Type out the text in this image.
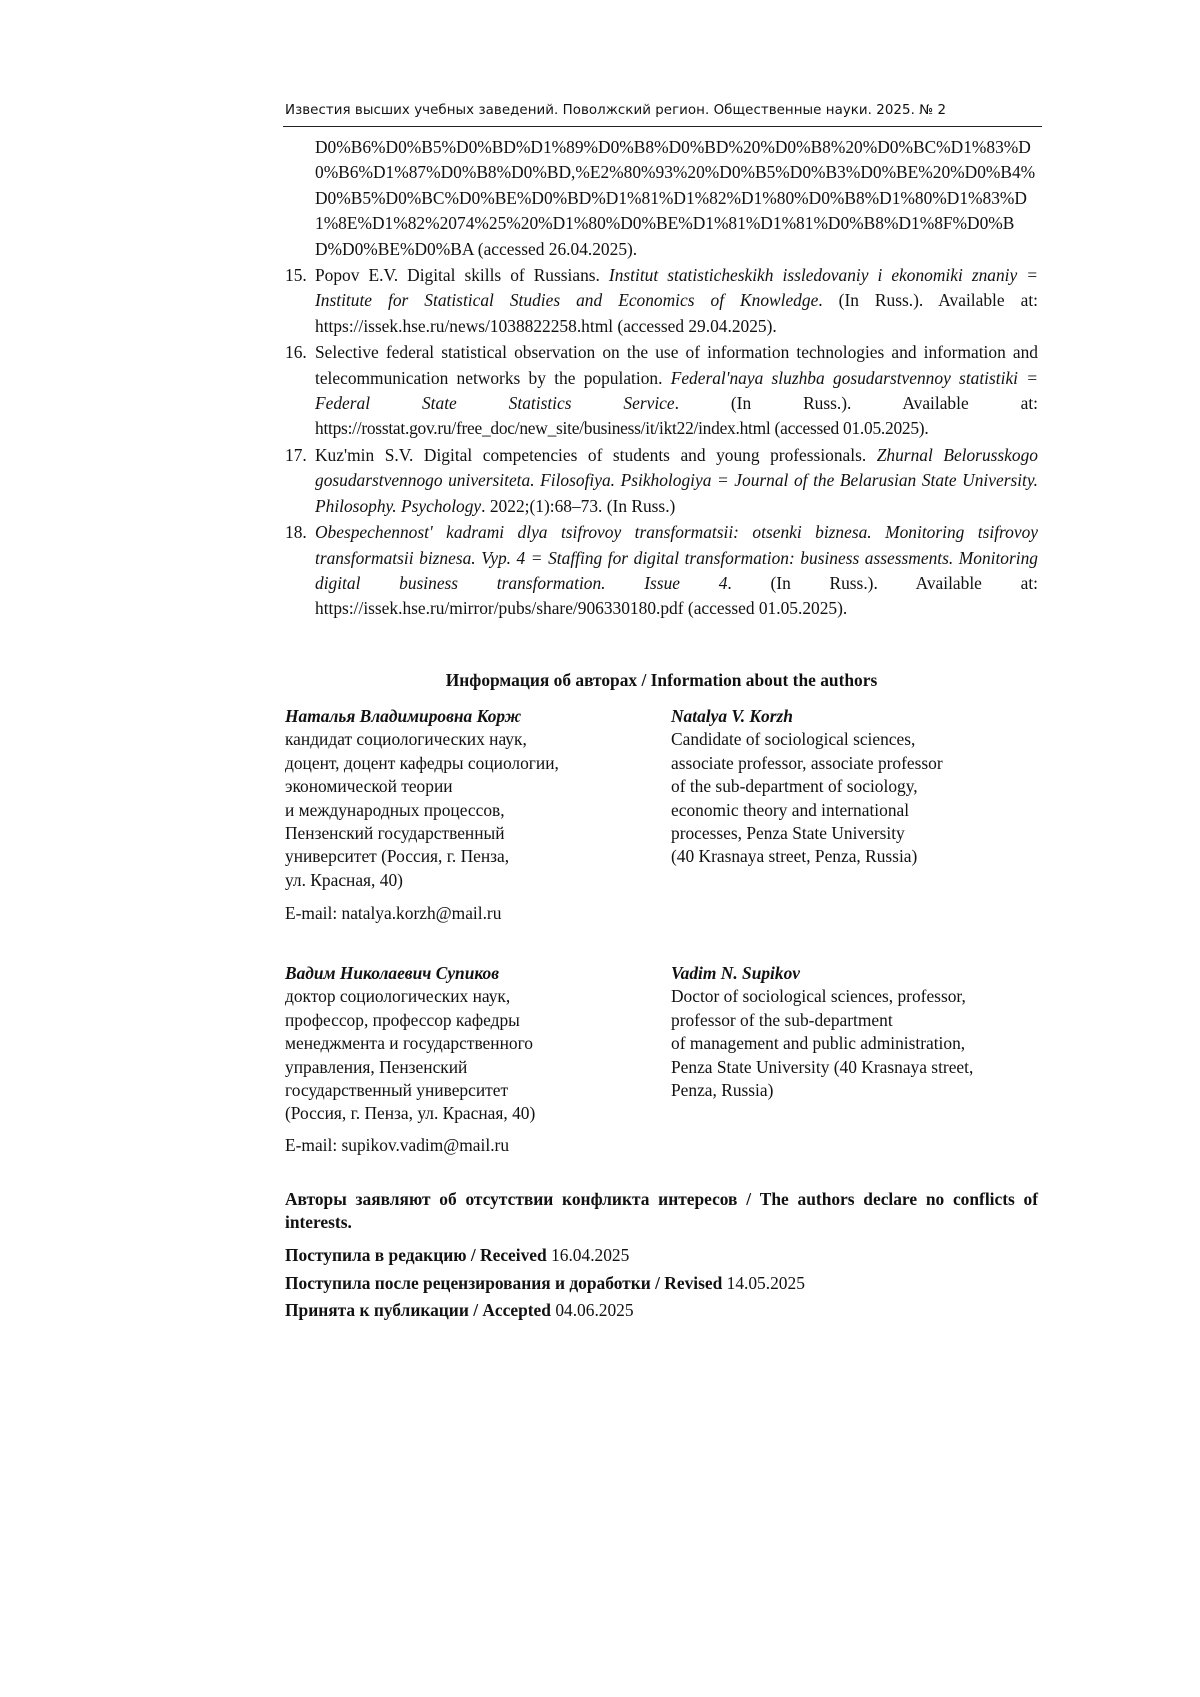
Известия высших учебных заведений. Поволжский регион. Общественные науки. 2025. № 2
D0%B6%D0%B5%D0%BD%D1%89%D0%B8%D0%BD%20%D0%B8%20%D0%BC%D1%83%D0%B6%D1%87%D0%B8%D0%BD,%E2%80%93%20%D0%B5%D0%B3%D0%BE%20%D0%B4%D0%B5%D0%BC%D0%BE%D0%BD%D1%81%D1%82%D1%80%D0%B8%D1%80%D1%83%D1%8E%D1%82%2074%25%20%D1%80%D0%BE%D1%81%D1%81%D0%B8%D1%8F%D0%BD%D0%BE%D0%BA (accessed 26.04.2025).
15. Popov E.V. Digital skills of Russians. Institut statisticheskikh issledovaniy i ekonomiki znaniy = Institute for Statistical Studies and Economics of Knowledge. (In Russ.). Available at: https://issek.hse.ru/news/1038822258.html (accessed 29.04.2025).
16. Selective federal statistical observation on the use of information technologies and information and telecommunication networks by the population. Federal'naya sluzhba gosudarstvennoy statistiki = Federal State Statistics Service. (In Russ.). Available at: https://rosstat.gov.ru/free_doc/new_site/business/it/ikt22/index.html (accessed 01.05.2025).
17. Kuz'min S.V. Digital competencies of students and young professionals. Zhurnal Belorusskogo gosudarstvennogo universiteta. Filosofiya. Psikhologiya = Journal of the Belarusian State University. Philosophy. Psychology. 2022;(1):68–73. (In Russ.)
18. Obespechennost' kadrami dlya tsifrovoy transformatsii: otsenki biznesa. Monitoring tsifrovoy transformatsii biznesa. Vyp. 4 = Staffing for digital transformation: business assessments. Monitoring digital business transformation. Issue 4. (In Russ.). Available at: https://issek.hse.ru/mirror/pubs/share/906330180.pdf (accessed 01.05.2025).
Информация об авторах / Information about the authors
Наталья Владимировна Корж
кандидат социологических наук,
доцент, доцент кафедры социологии,
экономической теории
и международных процессов,
Пензенский государственный
университет (Россия, г. Пенза,
ул. Красная, 40)
Natalya V. Korzh
Candidate of sociological sciences,
associate professor, associate professor
of the sub-department of sociology,
economic theory and international
processes, Penza State University
(40 Krasnaya street, Penza, Russia)
E-mail: natalya.korzh@mail.ru
Вадим Николаевич Супиков
доктор социологических наук,
профессор, профессор кафедры
менеджмента и государственного
управления, Пензенский
государственный университет
(Россия, г. Пенза, ул. Красная, 40)
Vadim N. Supikov
Doctor of sociological sciences, professor,
professor of the sub-department
of management and public administration,
Penza State University (40 Krasnaya street,
Penza, Russia)
E-mail: supikov.vadim@mail.ru
Авторы заявляют об отсутствии конфликта интересов / The authors declare no conflicts of interests.
Поступила в редакцию / Received 16.04.2025
Поступила после рецензирования и доработки / Revised 14.05.2025
Принята к публикации / Accepted 04.06.2025
